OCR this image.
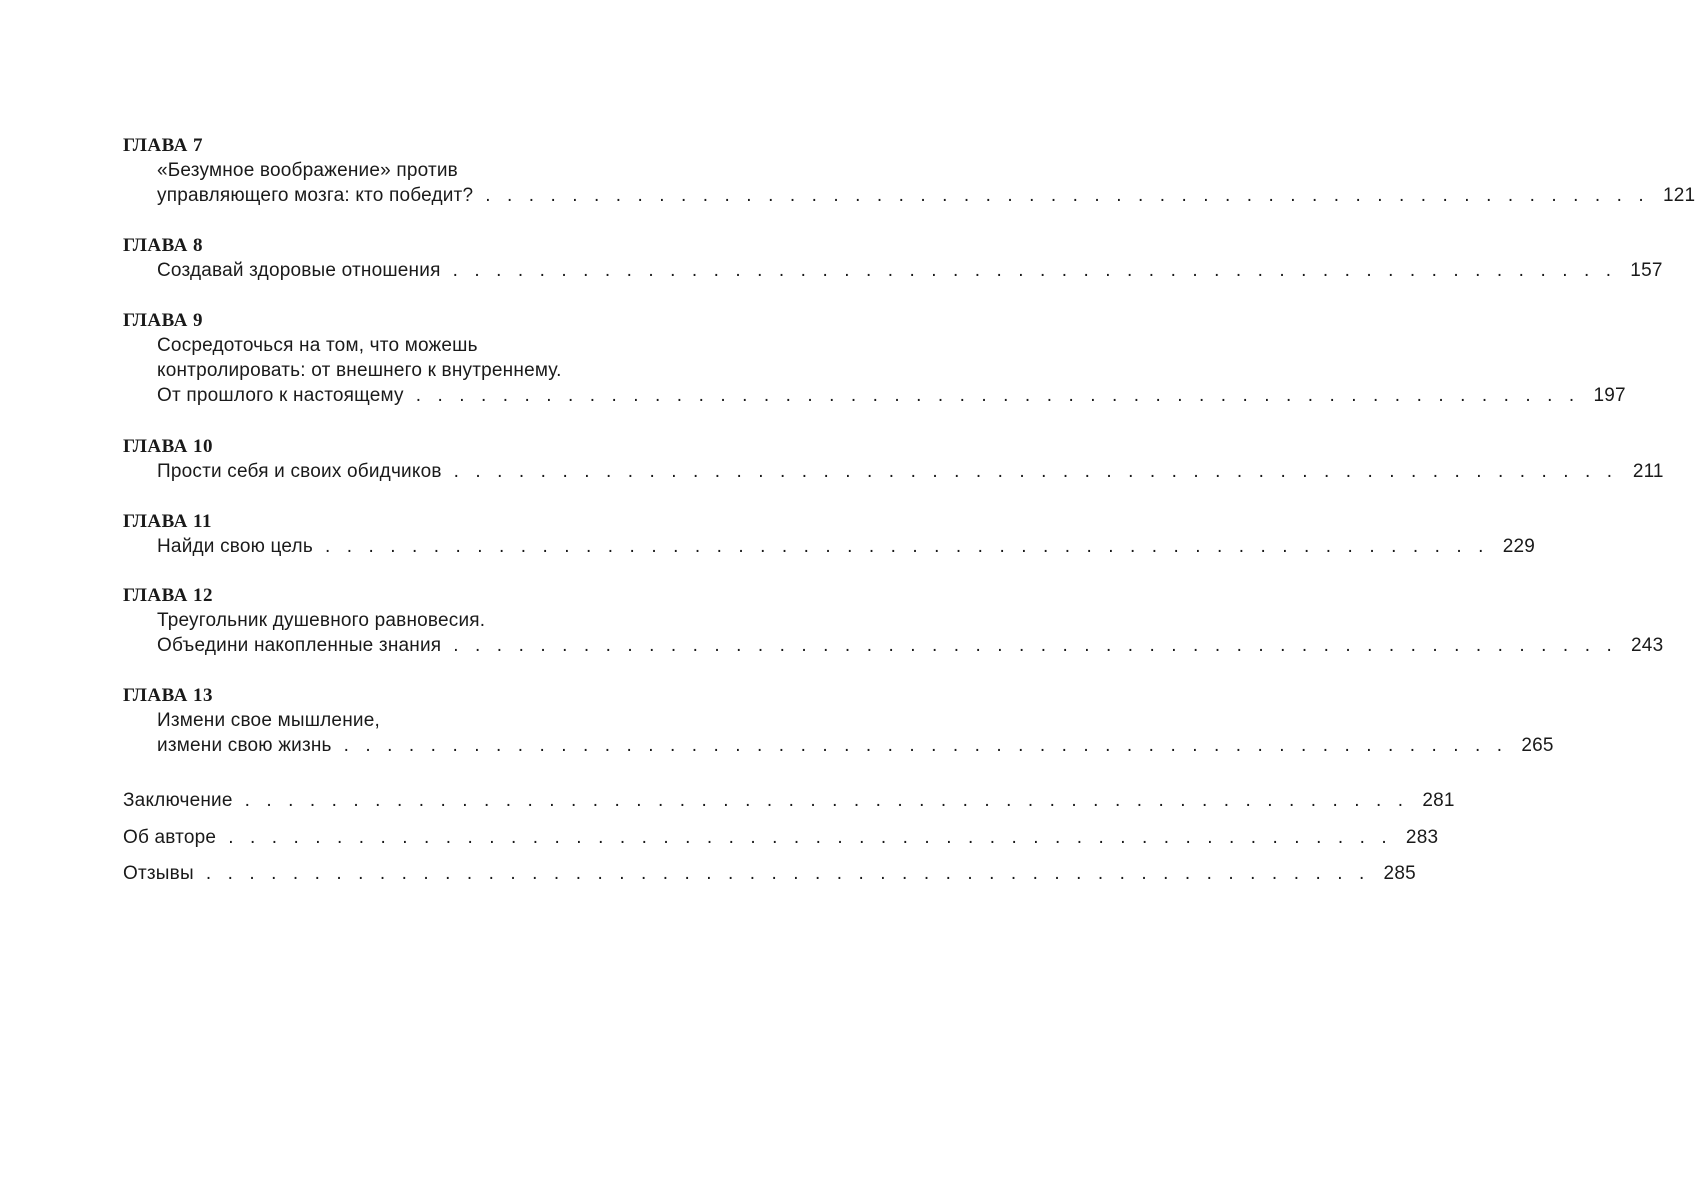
ГЛАВА 7
«Безумное воображение» против
управляющего мозга: кто победит? . . . . . . . . . . . . . . . . . . . . . . . . . . . . . . . . . . . . . . . . . . . . . . . . . . . . . . 121
ГЛАВА 8
Создавай здоровые отношения . . . . . . . . . . . . . . . . . . . . . . . . . . . . . . . . . . . . . . . . . . . . . . . . . . . . . . 157
ГЛАВА 9
Сосредоточься на том, что можешь
контролировать: от внешнего к внутреннему.
От прошлого к настоящему . . . . . . . . . . . . . . . . . . . . . . . . . . . . . . . . . . . . . . . . . . . . . . . . . . . . . . 197
ГЛАВА 10
Прости себя и своих обидчиков . . . . . . . . . . . . . . . . . . . . . . . . . . . . . . . . . . . . . . . . . . . . . . . . . . . . . . 211
ГЛАВА 11
Найди свою цель . . . . . . . . . . . . . . . . . . . . . . . . . . . . . . . . . . . . . . . . . . . . . . . . . . . . . . 229
ГЛАВА 12
Треугольник душевного равновесия.
Объедини накопленные знания . . . . . . . . . . . . . . . . . . . . . . . . . . . . . . . . . . . . . . . . . . . . . . . . . . . . . . 243
ГЛАВА 13
Измени свое мышление,
измени свою жизнь . . . . . . . . . . . . . . . . . . . . . . . . . . . . . . . . . . . . . . . . . . . . . . . . . . . . . . 265
Заключение . . . . . . . . . . . . . . . . . . . . . . . . . . . . . . . . . . . . . . . . . . . . . . . . . . . . . . 281
Об авторе . . . . . . . . . . . . . . . . . . . . . . . . . . . . . . . . . . . . . . . . . . . . . . . . . . . . . . 283
Отзывы . . . . . . . . . . . . . . . . . . . . . . . . . . . . . . . . . . . . . . . . . . . . . . . . . . . . . . 285
